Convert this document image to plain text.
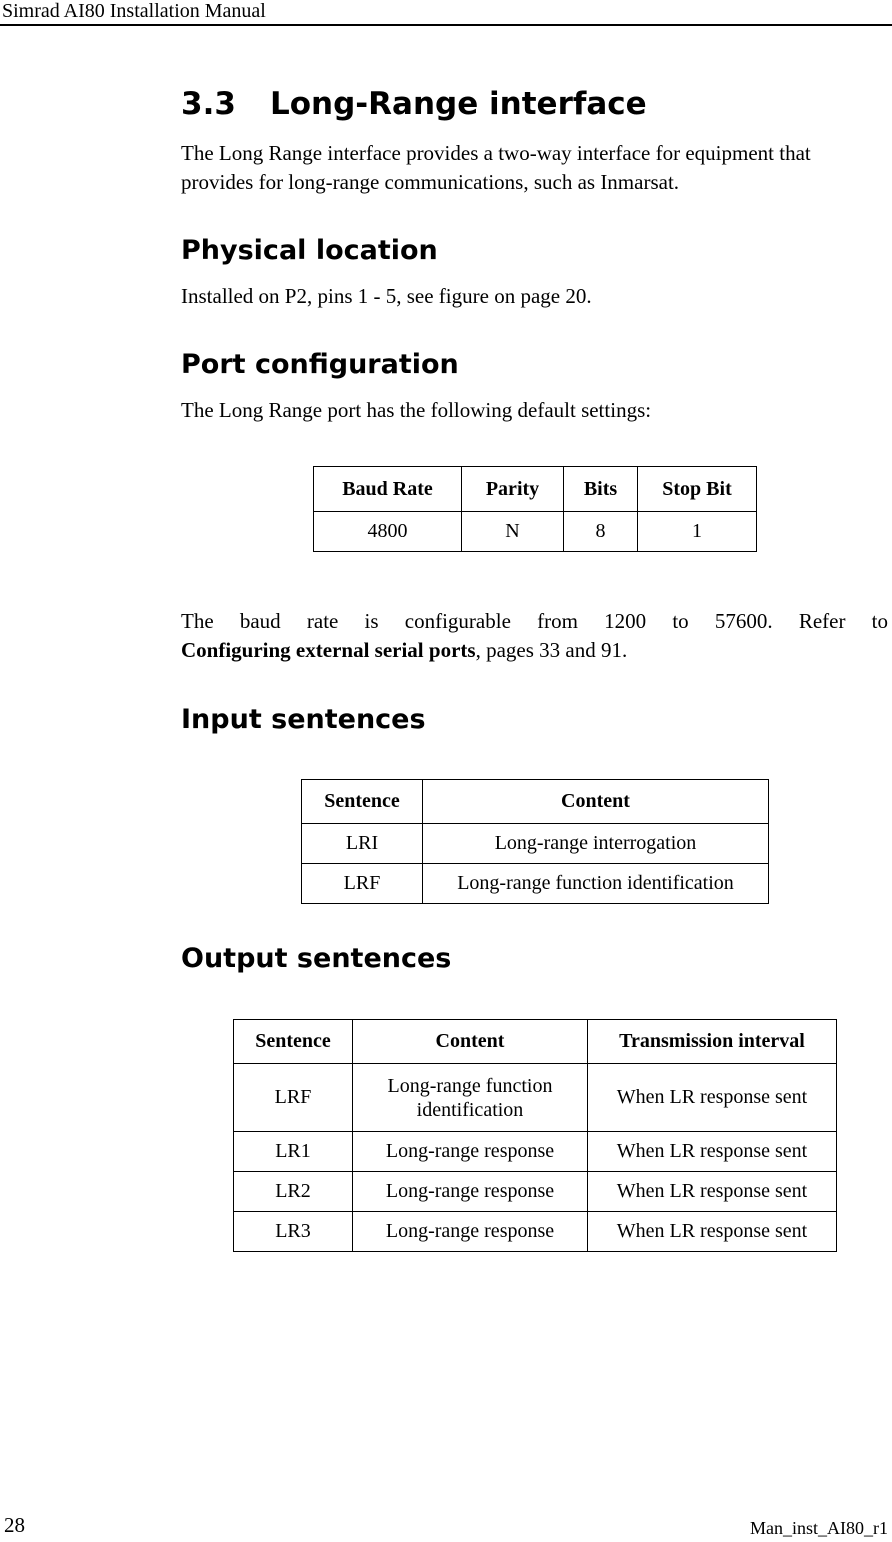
Simrad AI80 Installation Manual
3.3 Long-Range interface

The Long Range interface provides a two-way interface for equipment that provides for long-range communications, such as Inmarsat.

Physical location

Installed on P2, pins 1 - 5, see figure on page 20.

Port configuration

The Long Range port has the following default settings:

Baud Rate	Parity	Bits	Stop Bit
4800	N	8	1

The baud rate is configurable from 1200 to 57600. Refer to

Configuring external serial ports, pages 33 and 91.

Input sentences
Sentence	Content
LRI	Long-range interrogation
LRF	Long-range function identification
Output sentences
Sentence	Content	Transmission interval
LRF	Long-range function identification	When LR response sent
LR1	Long-range response	When LR response sent
LR2	Long-range response	When LR response sent
LR3	Long-range response	When LR response sent
28	Man_inst_AI80_r1
